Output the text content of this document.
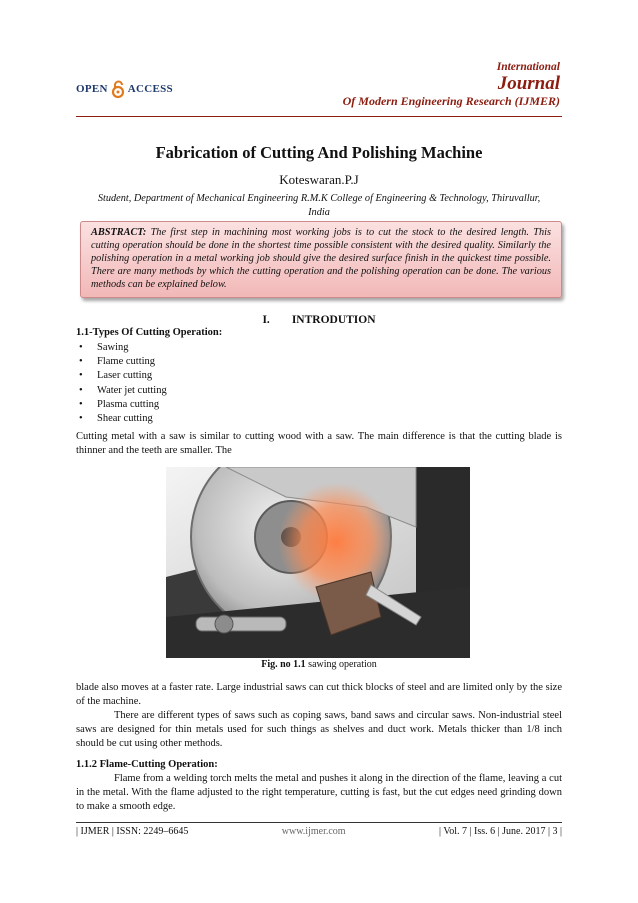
OPEN ACCESS
International
Journal
Of Modern Engineering Research (IJMER)
Fabrication of Cutting And Polishing Machine
Koteswaran.P.J
Student, Department of Mechanical Engineering R.M.K College of Engineering & Technology, Thiruvallur, India
ABSTRACT: The first step in machining most working jobs is to cut the stock to the desired length. This cutting operation should be done in the shortest time possible consistent with the desired quality. Similarly the polishing operation in a metal working job should give the desired surface finish in the quickest time possible. There are many methods by which the cutting operation and the polishing operation can be done. The various methods can be explained below.
I. INTRODUTION
1.1-Types Of Cutting Operation:
• Sawing
• Flame cutting
• Laser cutting
• Water jet cutting
• Plasma cutting
• Shear cutting
Cutting metal with a saw is similar to cutting wood with a saw. The main difference is that the cutting blade is thinner and the teeth are smaller. The
Fig. no 1.1 sawing operation
blade also moves at a faster rate. Large industrial saws can cut thick blocks of steel and are limited only by the size of the machine.
There are different types of saws such as coping saws, band saws and circular saws. Non-industrial steel saws are designed for thin metals used for such things as shelves and duct work. Metals thicker than 1/8 inch should be cut using other methods.
1.1.2 Flame-Cutting Operation:
Flame from a welding torch melts the metal and pushes it along in the direction of the flame, leaving a cut in the metal. With the flame adjusted to the right temperature, cutting is fast, but the cut edges need grinding down to make a smooth edge.
| IJMER | ISSN: 2249–6645	www.ijmer.com	| Vol. 7 | Iss. 6 | June. 2017 | 3 |
